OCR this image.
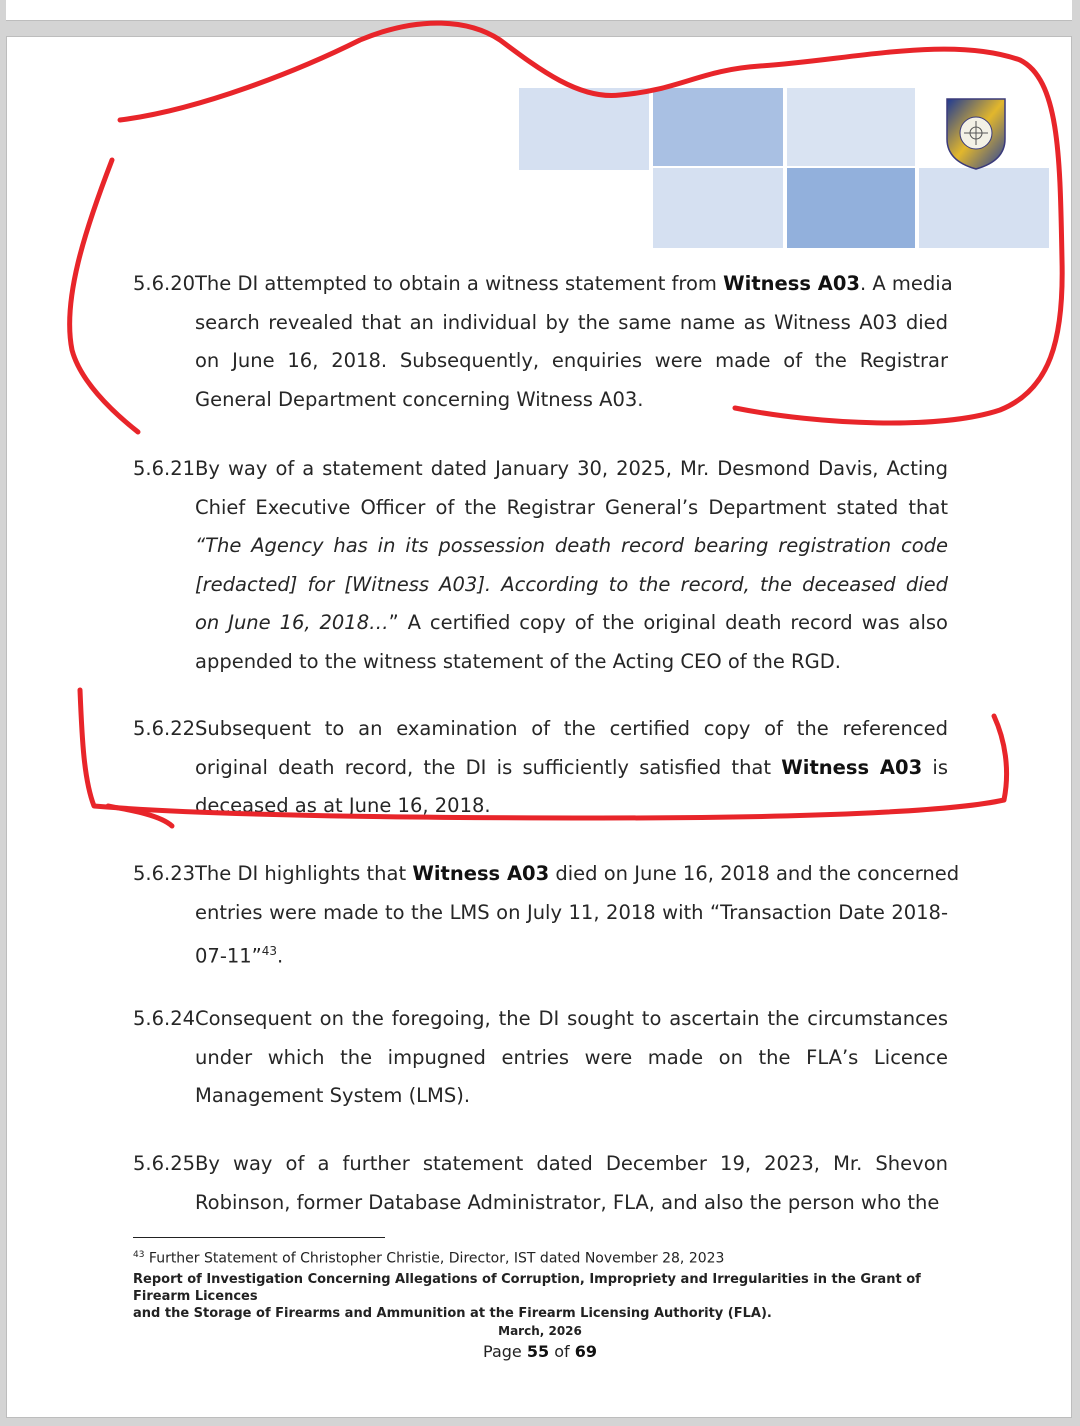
5.6.20 The DI attempted to obtain a witness statement from Witness A03. A media
search revealed that an individual by the same name as Witness A03 died
on June 16, 2018. Subsequently, enquiries were made of the Registrar
General Department concerning Witness A03.
5.6.21 By way of a statement dated January 30, 2025, Mr. Desmond Davis, Acting
Chief Executive Officer of the Registrar General’s Department stated that
“The Agency has in its possession death record bearing registration code
[redacted] for [Witness A03]. According to the record, the deceased died
on June 16, 2018…” A certified copy of the original death record was also
appended to the witness statement of the Acting CEO of the RGD.
5.6.22 Subsequent to an examination of the certified copy of the referenced
original death record, the DI is sufficiently satisfied that Witness A03 is
deceased as at June 16, 2018.
5.6.23 The DI highlights that Witness A03 died on June 16, 2018 and the concerned
entries were made to the LMS on July 11, 2018 with “Transaction Date 2018-
07-11”$^{43}$.
5.6.24 Consequent on the foregoing, the DI sought to ascertain the circumstances
under which the impugned entries were made on the FLA’s Licence
Management System (LMS).
5.6.25 By way of a further statement dated December 19, 2023, Mr. Shevon
Robinson, former Database Administrator, FLA, and also the person who the
$^{43}$ Further Statement of Christopher Christie, Director, IST dated November 28, 2023
Report of Investigation Concerning Allegations of Corruption, Impropriety and Irregularities in the Grant of Firearm Licences
and the Storage of Firearms and Ammunition at the Firearm Licensing Authority (FLA).
March, 2026
Page 55 of 69
